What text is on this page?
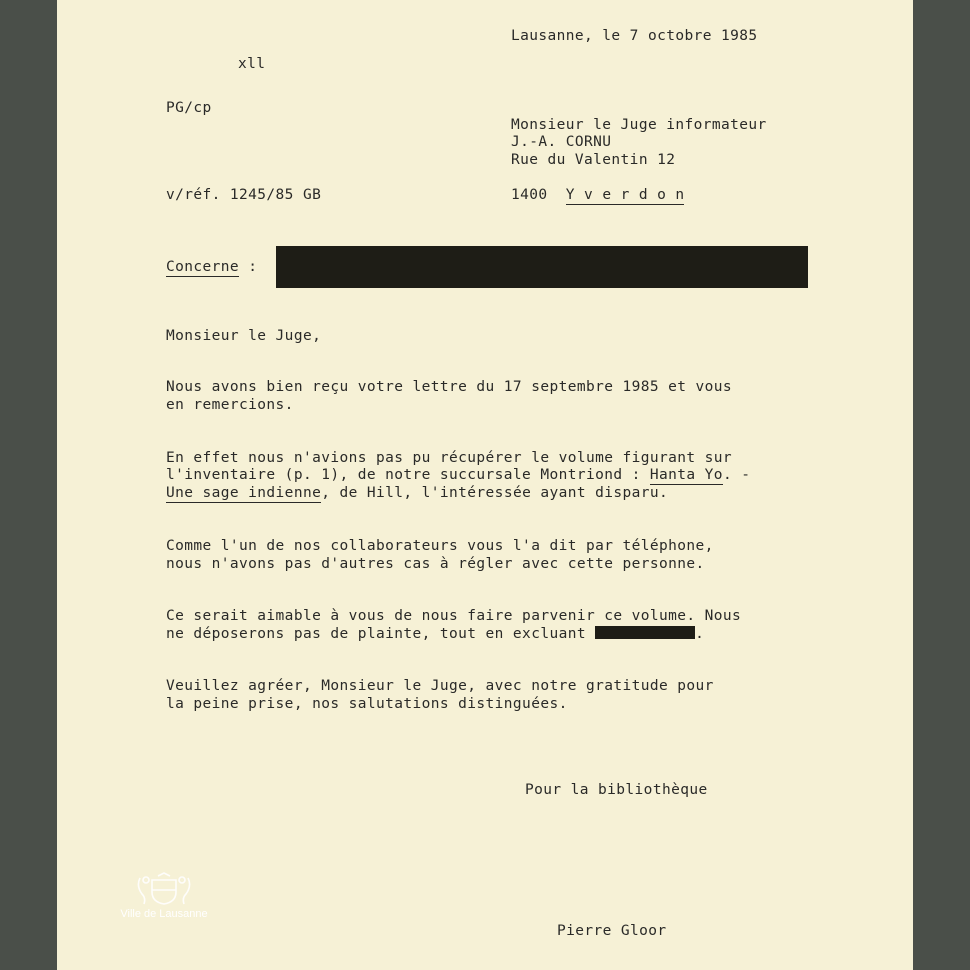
Lausanne, le 7 octobre 1985
xll
PG/cp
Monsieur le Juge informateur
J.-A. CORNU
Rue du Valentin 12
1400 Y v e r d o n
v/réf. 1245/85 GB
Concerne :
Monsieur le Juge,
Nous avons bien reçu votre lettre du 17 septembre 1985 et vous
en remercions.
En effet nous n'avions pas pu récupérer le volume figurant sur
l'inventaire (p. 1), de notre succursale Montriond : Hanta Yo. -
Une sage indienne, de Hill, l'intéressée ayant disparu.
Comme l'un de nos collaborateurs vous l'a dit par téléphone,
nous n'avons pas d'autres cas à régler avec cette personne.
Ce serait aimable à vous de nous faire parvenir ce volume. Nous
ne déposerons pas de plainte, tout en excluant	.
Veuillez agréer, Monsieur le Juge, avec notre gratitude pour
la peine prise, nos salutations distinguées.
Pour la bibliothèque
Pierre Gloor
Ville de Lausanne
